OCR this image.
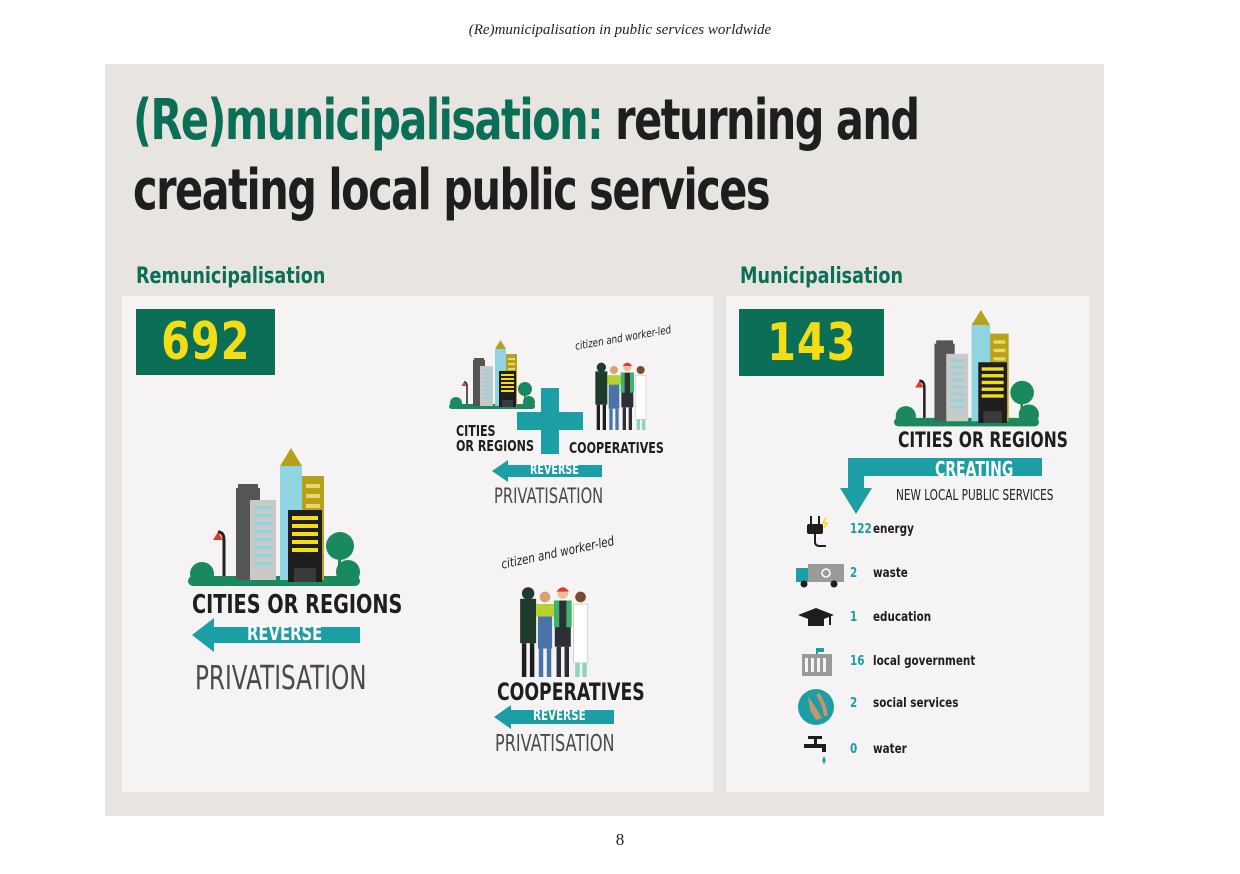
(Re)municipalisation in public services worldwide
(Re)municipalisation: returning and
creating local public services
Remunicipalisation	Municipalisation
692
CITIES OR REGIONS
REVERSE
PRIVATISATION
citizen and worker-led
CITIES
OR REGIONS COOPERATIVES
REVERSE
PRIVATISATION
citizen and worker-led
COOPERATIVES
REVERSE
PRIVATISATION
143
CITIES OR REGIONS
CREATING
NEW LOCAL PUBLIC SERVICES
122 energy
2 waste
1 education
16 local government
2 social services
0 water
8
